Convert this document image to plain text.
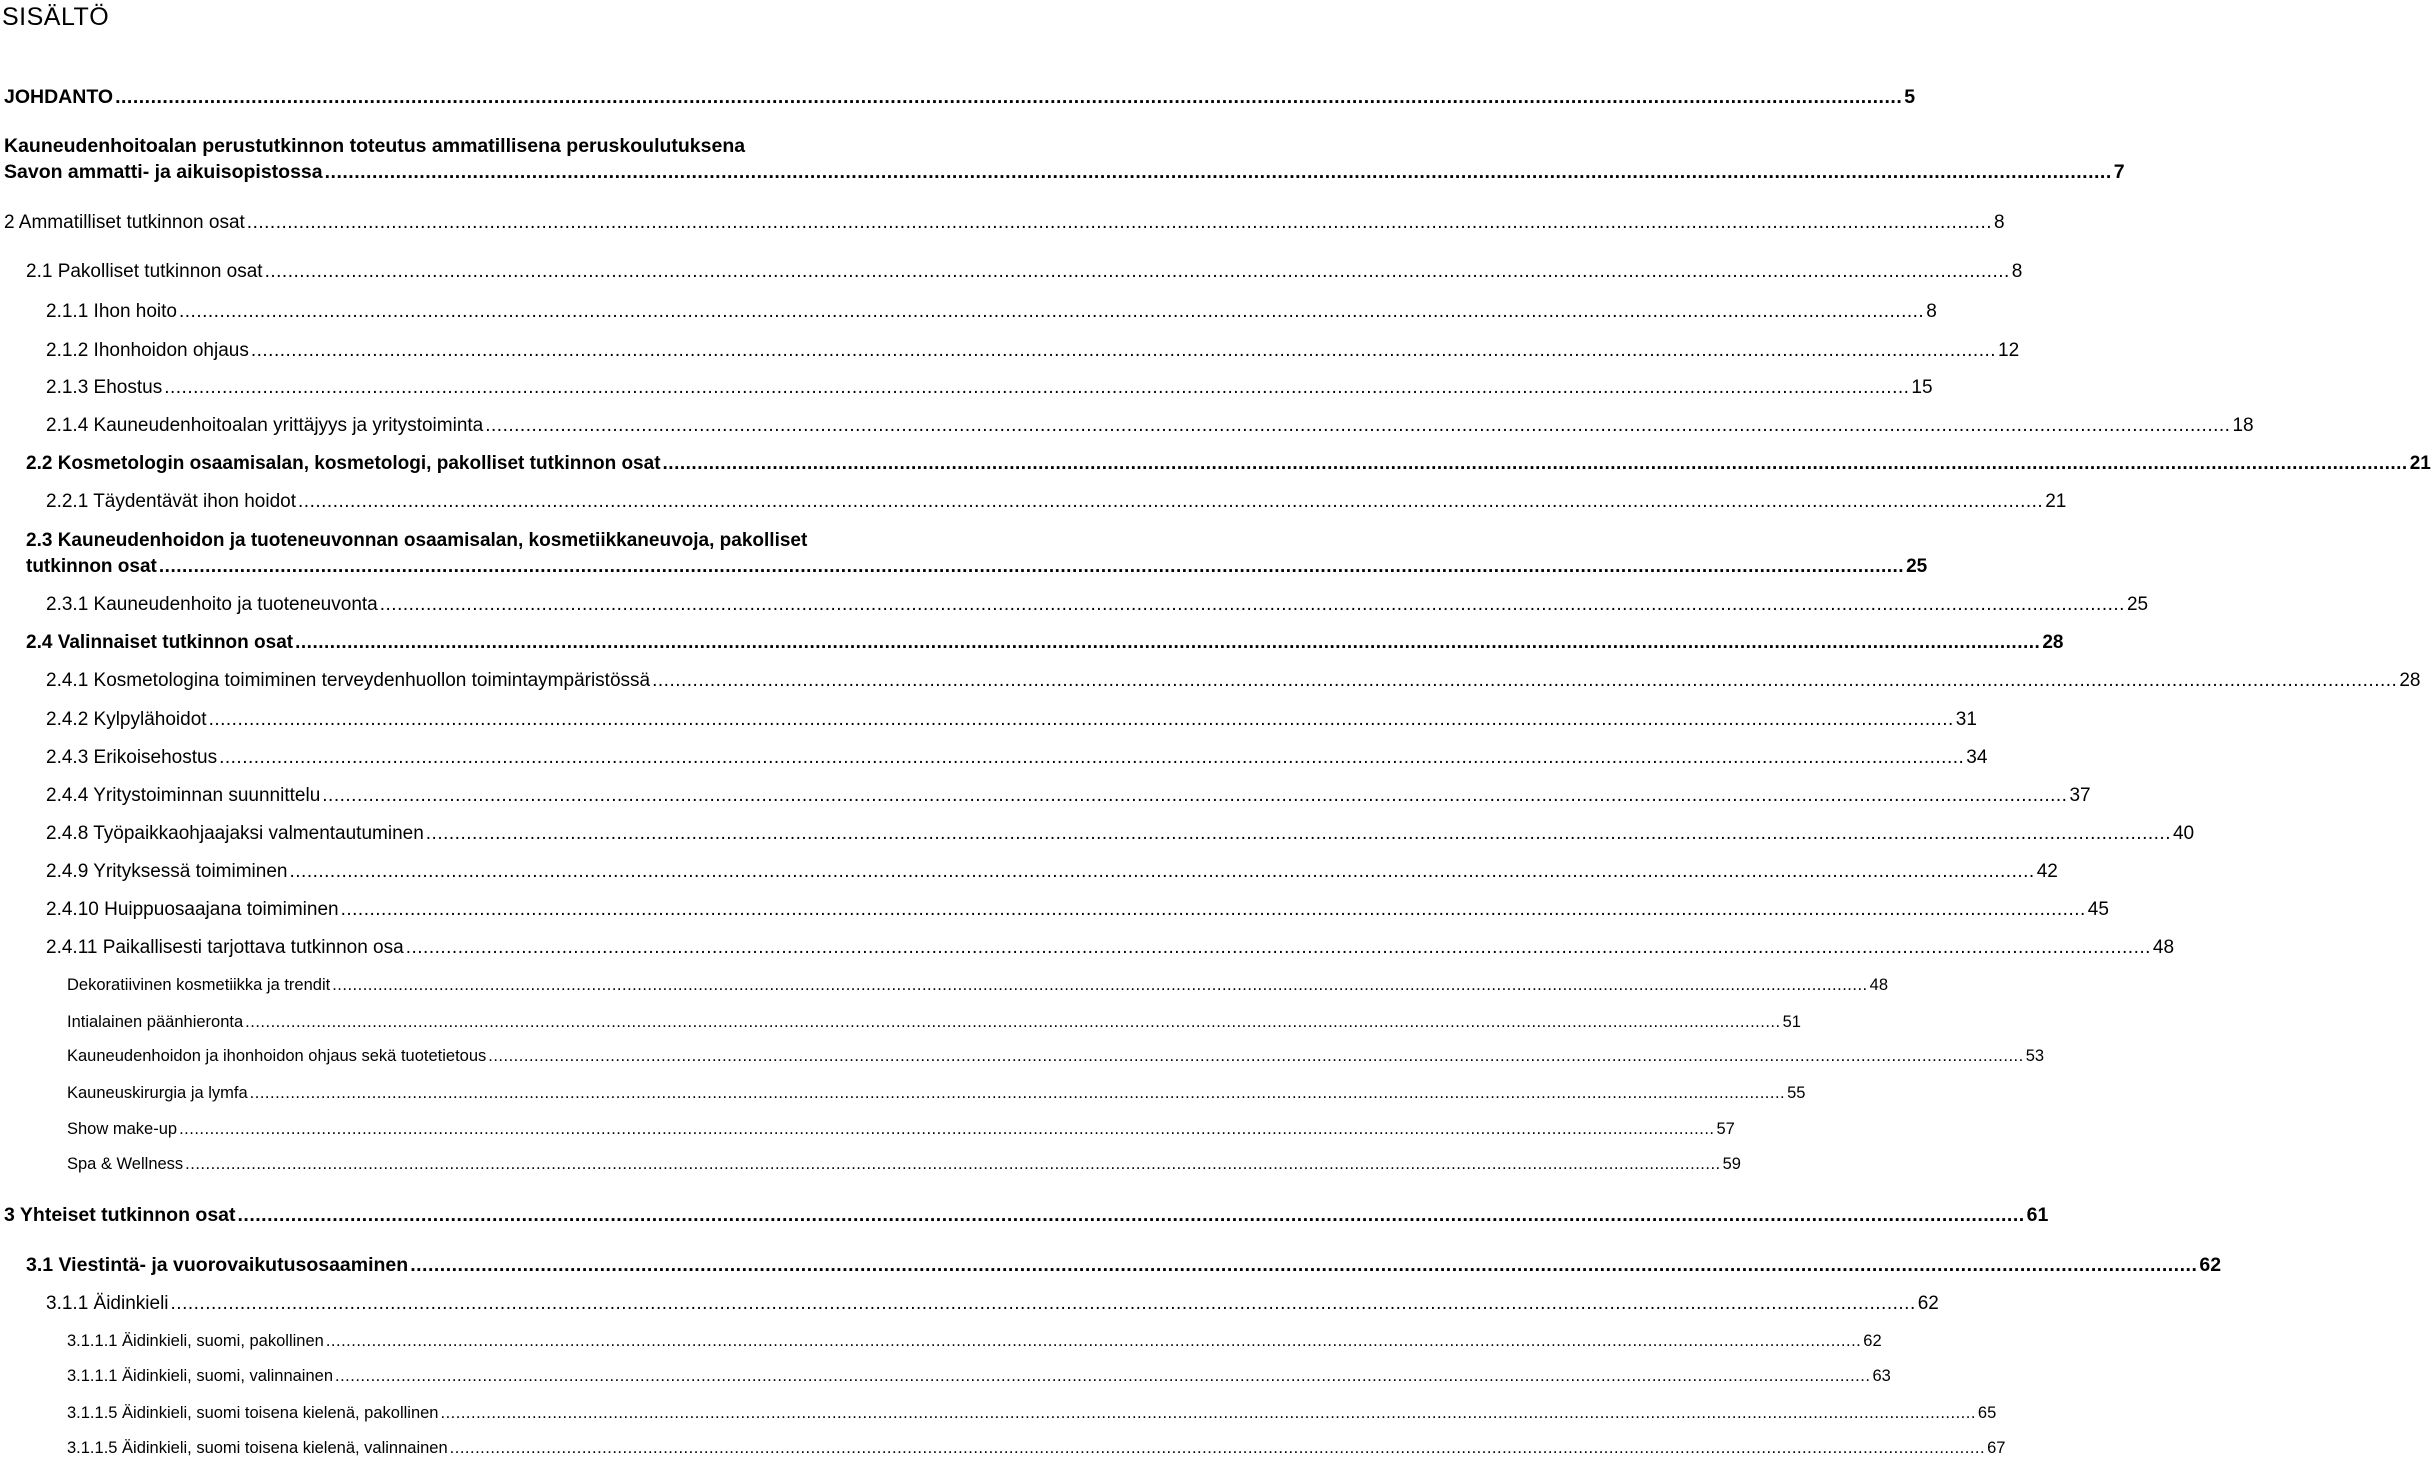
SISÄLTÖ
JOHDANTO .............................................................................................................................................................................................................................................................................................................. 5
Kauneudenhoitoalan perustutkinnon toteutus ammatillisena peruskoulutuksena
Savon ammatti- ja aikuisopistossa .............................................................................................................................................................................................................................................................................................................. 7
2 Ammatilliset tutkinnon osat .............................................................................................................................................................................................................................................................................................................. 8
2.1 Pakolliset tutkinnon osat .............................................................................................................................................................................................................................................................................................................. 8
2.1.1 Ihon hoito .............................................................................................................................................................................................................................................................................................................. 8
2.1.2 Ihonhoidon ohjaus .............................................................................................................................................................................................................................................................................................................. 12
2.1.3 Ehostus .............................................................................................................................................................................................................................................................................................................. 15
2.1.4 Kauneudenhoitoalan yrittäjyys ja yritystoiminta .............................................................................................................................................................................................................................................................................................................. 18
2.2 Kosmetologin osaamisalan, kosmetologi, pakolliset tutkinnon osat .............................................................................................................................................................................................................................................................................................................. 21
2.2.1 Täydentävät ihon hoidot .............................................................................................................................................................................................................................................................................................................. 21
2.3 Kauneudenhoidon ja tuoteneuvonnan osaamisalan, kosmetiikkaneuvoja, pakolliset
tutkinnon osat .............................................................................................................................................................................................................................................................................................................. 25
2.3.1 Kauneudenhoito ja tuoteneuvonta .............................................................................................................................................................................................................................................................................................................. 25
2.4 Valinnaiset tutkinnon osat .............................................................................................................................................................................................................................................................................................................. 28
2.4.1 Kosmetologina toimiminen terveydenhuollon toimintaympäristössä .............................................................................................................................................................................................................................................................................................................. 28
2.4.2 Kylpylähoidot .............................................................................................................................................................................................................................................................................................................. 31
2.4.3 Erikoisehostus .............................................................................................................................................................................................................................................................................................................. 34
2.4.4 Yritystoiminnan suunnittelu .............................................................................................................................................................................................................................................................................................................. 37
2.4.8 Työpaikkaohjaajaksi valmentautuminen .............................................................................................................................................................................................................................................................................................................. 40
2.4.9 Yrityksessä toimiminen .............................................................................................................................................................................................................................................................................................................. 42
2.4.10 Huippuosaajana toimiminen .............................................................................................................................................................................................................................................................................................................. 45
2.4.11 Paikallisesti tarjottava tutkinnon osa .............................................................................................................................................................................................................................................................................................................. 48
Dekoratiivinen kosmetiikka ja trendit .............................................................................................................................................................................................................................................................................................................. 48
Intialainen päänhieronta .............................................................................................................................................................................................................................................................................................................. 51
Kauneudenhoidon ja ihonhoidon ohjaus sekä tuotetietous .............................................................................................................................................................................................................................................................................................................. 53
Kauneuskirurgia ja lymfa .............................................................................................................................................................................................................................................................................................................. 55
Show make-up .............................................................................................................................................................................................................................................................................................................. 57
Spa & Wellness .............................................................................................................................................................................................................................................................................................................. 59
3 Yhteiset tutkinnon osat .............................................................................................................................................................................................................................................................................................................. 61
3.1 Viestintä- ja vuorovaikutusosaaminen .............................................................................................................................................................................................................................................................................................................. 62
3.1.1 Äidinkieli .............................................................................................................................................................................................................................................................................................................. 62
3.1.1.1 Äidinkieli, suomi, pakollinen .............................................................................................................................................................................................................................................................................................................. 62
3.1.1.1 Äidinkieli, suomi, valinnainen .............................................................................................................................................................................................................................................................................................................. 63
3.1.1.5 Äidinkieli, suomi toisena kielenä, pakollinen .............................................................................................................................................................................................................................................................................................................. 65
3.1.1.5 Äidinkieli, suomi toisena kielenä, valinnainen .............................................................................................................................................................................................................................................................................................................. 67
